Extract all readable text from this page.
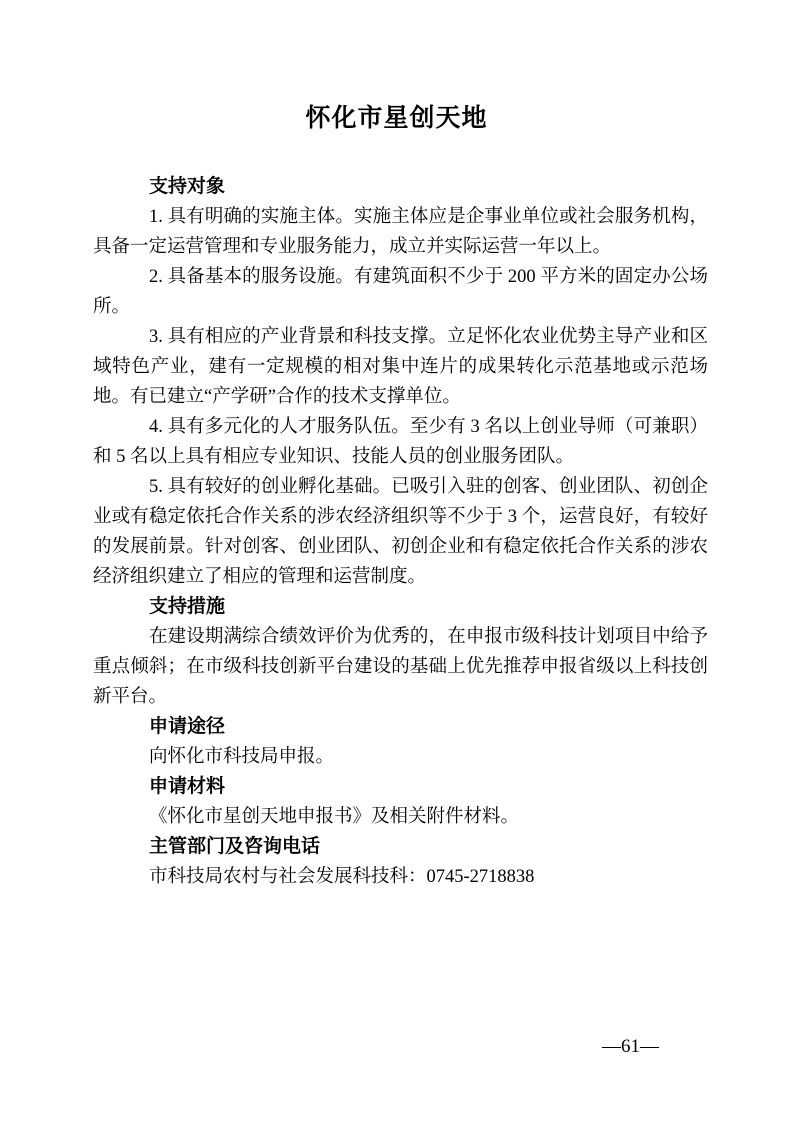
怀化市星创天地
支持对象

1. 具有明确的实施主体。实施主体应是企事业单位或社会服务机构，具备一定运营管理和专业服务能力，成立并实际运营一年以上。

2. 具备基本的服务设施。有建筑面积不少于 200 平方米的固定办公场所。

3. 具有相应的产业背景和科技支撑。立足怀化农业优势主导产业和区域特色产业，建有一定规模的相对集中连片的成果转化示范基地或示范场地。有已建立“产学研”合作的技术支撑单位。

4. 具有多元化的人才服务队伍。至少有 3 名以上创业导师（可兼职）和 5 名以上具有相应专业知识、技能人员的创业服务团队。

5. 具有较好的创业孵化基础。已吸引入驻的创客、创业团队、初创企业或有稳定依托合作关系的涉农经济组织等不少于 3 个，运营良好，有较好的发展前景。针对创客、创业团队、初创企业和有稳定依托合作关系的涉农经济组织建立了相应的管理和运营制度。

支持措施

在建设期满综合绩效评价为优秀的，在申报市级科技计划项目中给予重点倾斜；在市级科技创新平台建设的基础上优先推荐申报省级以上科技创新平台。

申请途径

向怀化市科技局申报。

申请材料

《怀化市星创天地申报书》及相关附件材料。

主管部门及咨询电话

市科技局农村与社会发展科技科：0745-2718838

—61—
